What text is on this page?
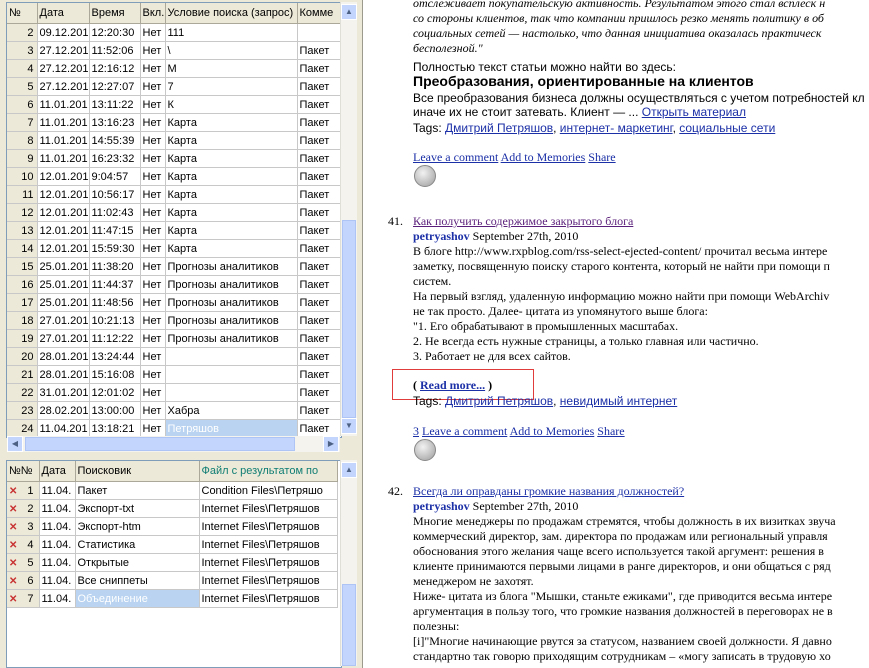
№	Дата	Время	Вкл.	Условие поиска (запрос)	Комме
2	09.12.201	12:20:30	Нет	111	
3	27.12.201	11:52:06	Нет	\	Пакет
4	27.12.201	12:16:12	Нет	М	Пакет
5	27.12.201	12:27:07	Нет	7	Пакет
6	11.01.201	13:11:22	Нет	К	Пакет
7	11.01.201	13:16:23	Нет	Карта	Пакет
8	11.01.201	14:55:39	Нет	Карта	Пакет
9	11.01.201	16:23:32	Нет	Карта	Пакет
10	12.01.201	9:04:57	Нет	Карта	Пакет
11	12.01.201	10:56:17	Нет	Карта	Пакет
12	12.01.201	11:02:43	Нет	Карта	Пакет
13	12.01.201	11:47:15	Нет	Карта	Пакет
14	12.01.201	15:59:30	Нет	Карта	Пакет
15	25.01.201	11:38:20	Нет	Прогнозы аналитиков	Пакет
16	25.01.201	11:44:37	Нет	Прогнозы аналитиков	Пакет
17	25.01.201	11:48:56	Нет	Прогнозы аналитиков	Пакет
18	27.01.201	10:21:13	Нет	Прогнозы аналитиков	Пакет
19	27.01.201	11:12:22	Нет	Прогнозы аналитиков	Пакет
20	28.01.201	13:24:44	Нет		Пакет
21	28.01.201	15:16:08	Нет		Пакет
22	31.01.201	12:01:02	Нет		Пакет
23	28.02.201	13:00:00	Нет	Хабра	Пакет
24	11.04.201	13:18:21	Нет	Петряшов	Пакет
▲
▼
◀	▶
№№	Дата	Поисковик	Файл с результатом по
✕ 1	11.04.	Пакет	Condition Files\Петряшо
✕ 2	11.04.	Экспорт-txt	Internet Files\Петряшов
✕ 3	11.04.	Экспорт-htm	Internet Files\Петряшов
✕ 4	11.04.	Статистика	Internet Files\Петряшов
✕ 5	11.04.	Открытые	Internet Files\Петряшов
✕ 6	11.04.	Все сниппеты	Internet Files\Петряшов
✕ 7	11.04.	Объединение	Internet Files\Петряшов
▲
отслеживает покупательскую активность. Результатом этого стал всплеск н
со стороны клиентов, так что компании пришлось резко менять политику в об
социальных сетей — настолько, что данная инициатива оказалась практическ
бесполезной."
Полностью текст статьи можно найти во здесь:
Преобразования, ориентированные на клиентов
Все преобразования бизнеса должны осуществляться с учетом потребностей кл
иначе их не стоит затевать. Клиент — ... Открыть материал
Tags: Дмитрий Петряшов, интернет- маркетинг, социальные сети
Leave a comment Add to Memories Share
41. Как получить содержимое закрытого блога
petryashov September 27th, 2010
В блоге http://www.rxpblog.com/rss-select-ejected-content/ прочитал весьма интере
заметку, посвященную поиску старого контента, который не найти при помощи п
систем.
На первый взгляд, удаленную информацию можно найти при помощи WebArchiv
не так просто. Далее- цитата из упомянутого выше блога:
"1. Его обрабатывают в промышленных масштабах.
2. Не всегда есть нужные страницы, а только главная или частично.
3. Работает не для всех сайтов.
( Read more... )
Tags: Дмитрий Петряшов, невидимый интернет
3 Leave a comment Add to Memories Share
42. Всегда ли оправданы громкие названия должностей?
petryashov September 27th, 2010
Многие менеджеры по продажам стремятся, чтобы должность в их визитках звуча
коммерческий директор, зам. директора по продажам или региональный управля
обоснования этого желания чаще всего используется такой аргумент: решения в
клиенте принимаются первыми лицами в ранге директоров, и они общаться с ряд
менеджером не захотят.
Ниже- цитата из блога "Мышки, станьте ежиками", где приводится весьма интере
аргументация в пользу того, что громкие названия должностей в переговорах не в
полезны:
[i]"Многие начинающие рвутся за статусом, названием своей должности. Я давно
стандартно так говорю приходящим сотрудникам – «могу записать в трудовую хо
